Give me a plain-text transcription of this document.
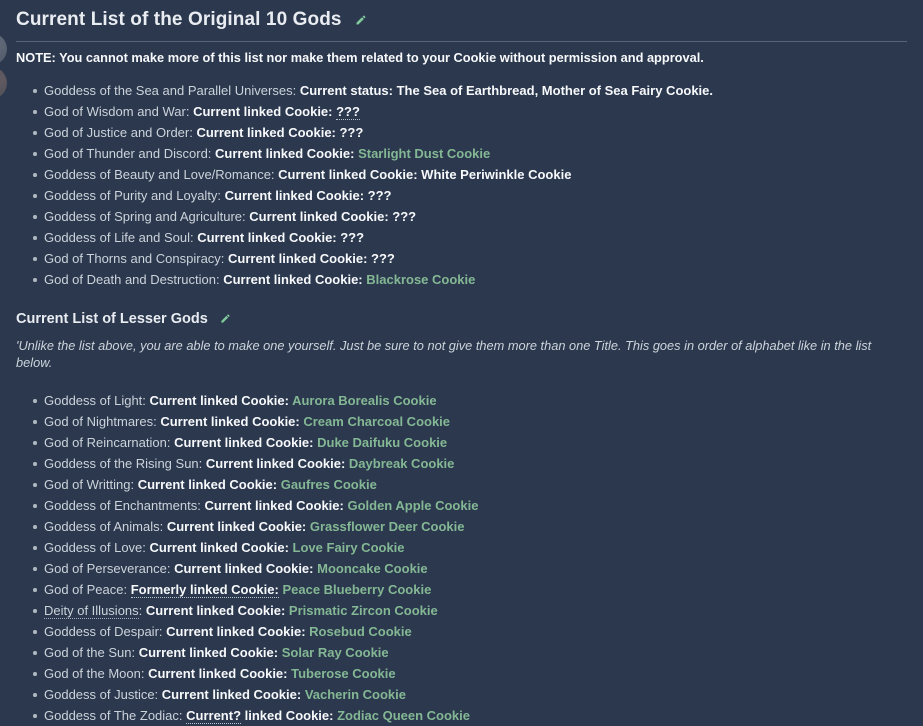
Current List of the Original 10 Gods

NOTE: You cannot make more of this list nor make them related to your Cookie without permission and approval.

Goddess of the Sea and Parallel Universes: Current status: The Sea of Earthbread, Mother of Sea Fairy Cookie.
God of Wisdom and War: Current linked Cookie: ???
God of Justice and Order: Current linked Cookie: ???
God of Thunder and Discord: Current linked Cookie: Starlight Dust Cookie
Goddess of Beauty and Love/Romance: Current linked Cookie: White Periwinkle Cookie
Goddess of Purity and Loyalty: Current linked Cookie: ???
Goddess of Spring and Agriculture: Current linked Cookie: ???
Goddess of Life and Soul: Current linked Cookie: ???
God of Thorns and Conspiracy: Current linked Cookie: ???
God of Death and Destruction: Current linked Cookie: Blackrose Cookie
Current List of Lesser Gods

'Unlike the list above, you are able to make one yourself. Just be sure to not give them more than one Title. This goes in order of alphabet like in the list below.

Goddess of Light: Current linked Cookie: Aurora Borealis Cookie
God of Nightmares: Current linked Cookie: Cream Charcoal Cookie
God of Reincarnation: Current linked Cookie: Duke Daifuku Cookie
Goddess of the Rising Sun: Current linked Cookie: Daybreak Cookie
God of Writting: Current linked Cookie: Gaufres Cookie
Goddess of Enchantments: Current linked Cookie: Golden Apple Cookie
Goddess of Animals: Current linked Cookie: Grassflower Deer Cookie
Goddess of Love: Current linked Cookie: Love Fairy Cookie
God of Perseverance: Current linked Cookie: Mooncake Cookie
God of Peace: Formerly linked Cookie: Peace Blueberry Cookie
Deity of Illusions: Current linked Cookie: Prismatic Zircon Cookie
Goddess of Despair: Current linked Cookie: Rosebud Cookie
God of the Sun: Current linked Cookie: Solar Ray Cookie
God of the Moon: Current linked Cookie: Tuberose Cookie
Goddess of Justice: Current linked Cookie: Vacherin Cookie
Goddess of The Zodiac: Current? linked Cookie: Zodiac Queen Cookie
